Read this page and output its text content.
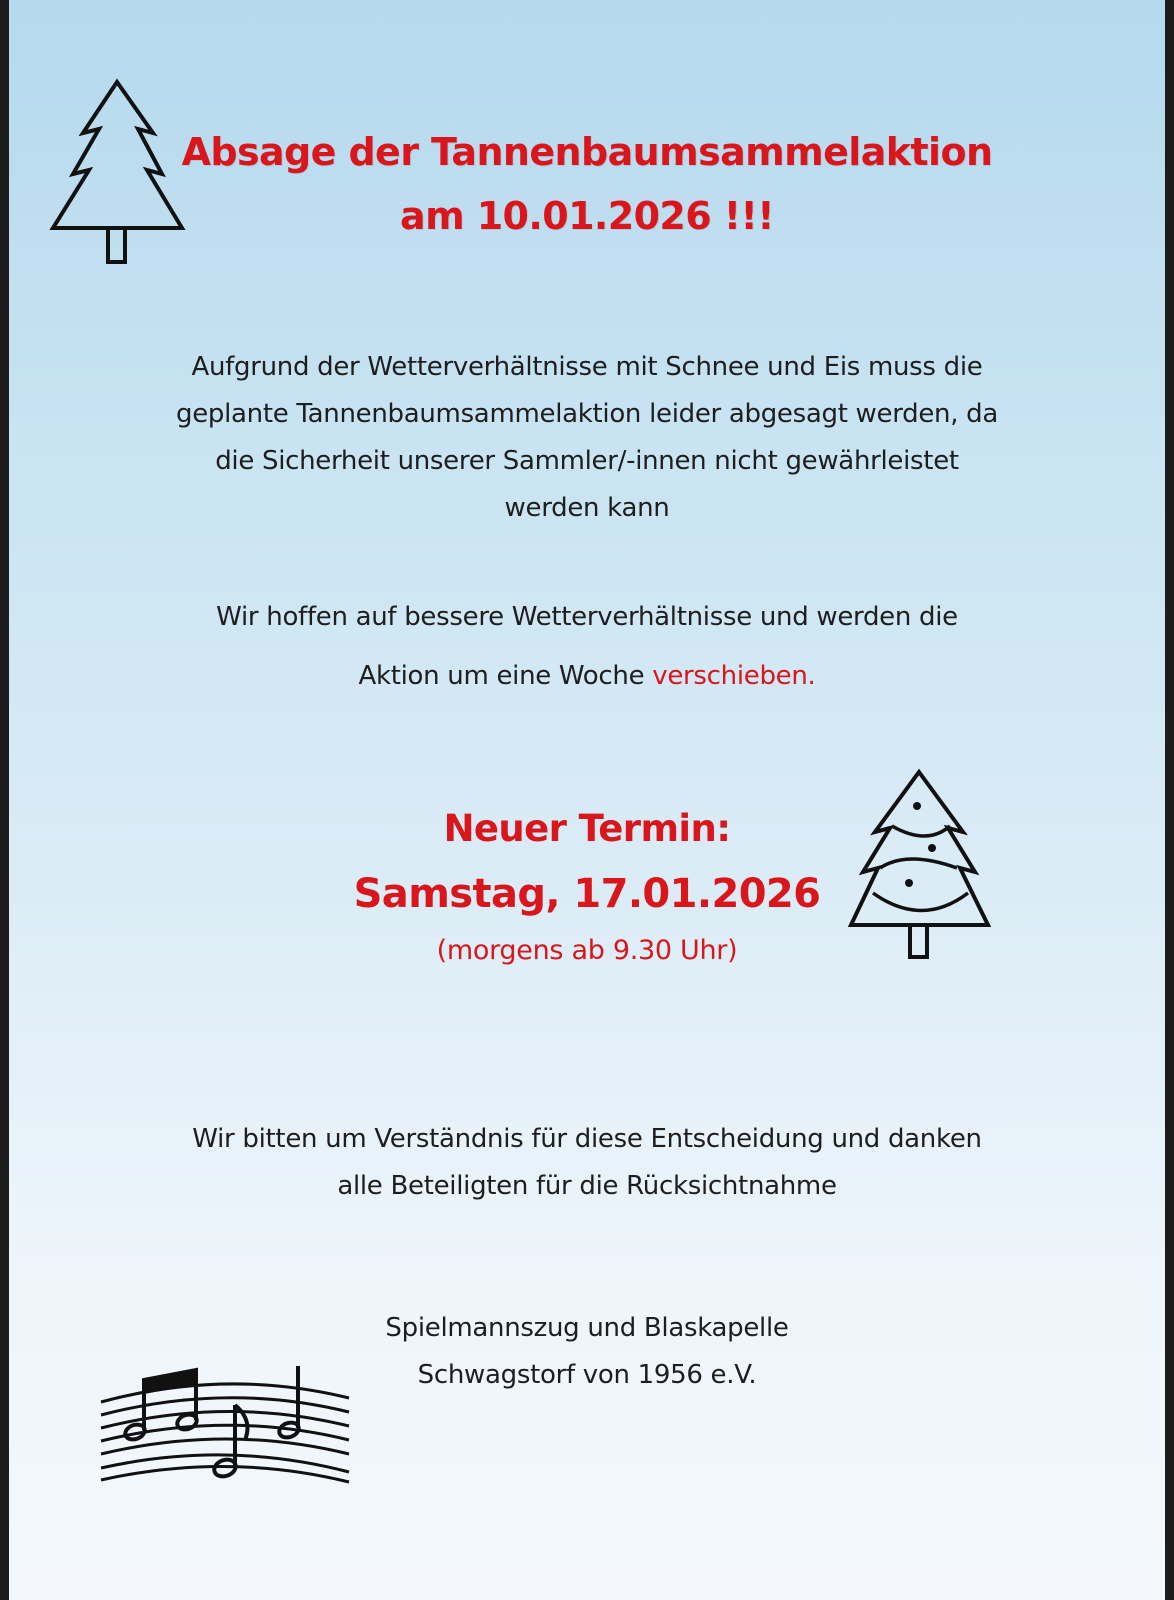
Absage der Tannenbaumsammelaktion

am 10.01.2026 !!!

Aufgrund der Wetterverhältnisse mit Schnee und Eis muss die

geplante Tannenbaumsammelaktion leider abgesagt werden, da

die Sicherheit unserer Sammler/-innen nicht gewährleistet

werden kann

Wir hoffen auf bessere Wetterverhältnisse und werden die

Aktion um eine Woche verschieben.

Neuer Termin:

Samstag, 17.01.2026

(morgens ab 9.30 Uhr)

Wir bitten um Verständnis für diese Entscheidung und danken

alle Beteiligten für die Rücksichtnahme

Spielmannszug und Blaskapelle

Schwagstorf von 1956 e.V.
